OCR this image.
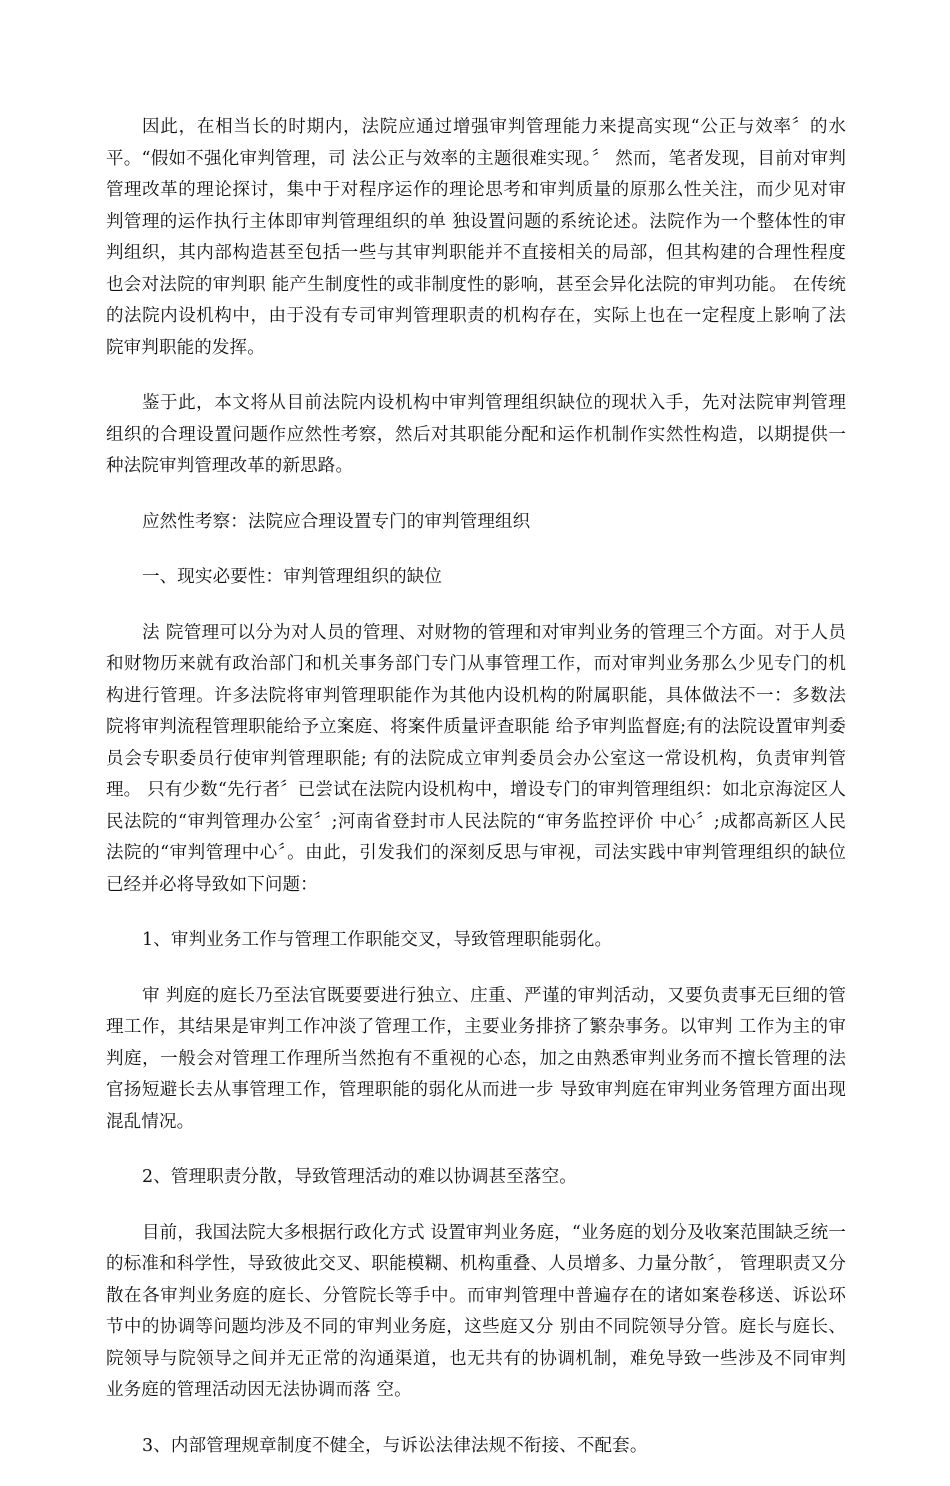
因此，在相当长的时期内，法院应通过增强审判管理能力来提高实现“公正与效率〞的水平。“假如不强化审判管理，司 法公正与效率的主题很难实现。〞 然而，笔者发现，目前对审判管理改革的理论探讨，集中于对程序运作的理论思考和审判质量的原那么性关注，而少见对审判管理的运作执行主体即审判管理组织的单 独设置问题的系统论述。法院作为一个整体性的审判组织，其内部构造甚至包括一些与其审判职能并不直接相关的局部，但其构建的合理性程度也会对法院的审判职 能产生制度性的或非制度性的影响，甚至会异化法院的审判功能。 在传统的法院内设机构中，由于没有专司审判管理职责的机构存在，实际上也在一定程度上影响了法院审判职能的发挥。

鉴于此，本文将从目前法院内设机构中审判管理组织缺位的现状入手，先对法院审判管理组织的合理设置问题作应然性考察，然后对其职能分配和运作机制作实然性构造，以期提供一种法院审判管理改革的新思路。

应然性考察：法院应合理设置专门的审判管理组织

一、现实必要性：审判管理组织的缺位

法 院管理可以分为对人员的管理、对财物的管理和对审判业务的管理三个方面。对于人员和财物历来就有政治部门和机关事务部门专门从事管理工作，而对审判业务那么少见专门的机构进行管理。许多法院将审判管理职能作为其他内设机构的附属职能，具体做法不一：多数法院将审判流程管理职能给予立案庭、将案件质量评查职能 给予审判监督庭;有的法院设置审判委员会专职委员行使审判管理职能; 有的法院成立审判委员会办公室这一常设机构，负责审判管理。 只有少数“先行者〞已尝试在法院内设机构中，增设专门的审判管理组织：如北京海淀区人民法院的“审判管理办公室〞;河南省登封市人民法院的“审务监控评价 中心〞;成都高新区人民法院的“审判管理中心〞。由此，引发我们的深刻反思与审视，司法实践中审判管理组织的缺位已经并必将导致如下问题：

1、审判业务工作与管理工作职能交叉，导致管理职能弱化。

审 判庭的庭长乃至法官既要要进行独立、庄重、严谨的审判活动，又要负责事无巨细的管理工作，其结果是审判工作冲淡了管理工作，主要业务排挤了繁杂事务。以审判 工作为主的审判庭，一般会对管理工作理所当然抱有不重视的心态，加之由熟悉审判业务而不擅长管理的法官扬短避长去从事管理工作，管理职能的弱化从而进一步 导致审判庭在审判业务管理方面出现混乱情况。

2、管理职责分散，导致管理活动的难以协调甚至落空。

目前，我国法院大多根据行政化方式 设置审判业务庭，“业务庭的划分及收案范围缺乏统一的标准和科学性，导致彼此交叉、职能模糊、机构重叠、人员增多、力量分散〞， 管理职责又分散在各审判业务庭的庭长、分管院长等手中。而审判管理中普遍存在的诸如案卷移送、诉讼环节中的协调等问题均涉及不同的审判业务庭，这些庭又分 别由不同院领导分管。庭长与庭长、院领导与院领导之间并无正常的沟通渠道，也无共有的协调机制，难免导致一些涉及不同审判业务庭的管理活动因无法协调而落 空。

3、内部管理规章制度不健全，与诉讼法律法规不衔接、不配套。
